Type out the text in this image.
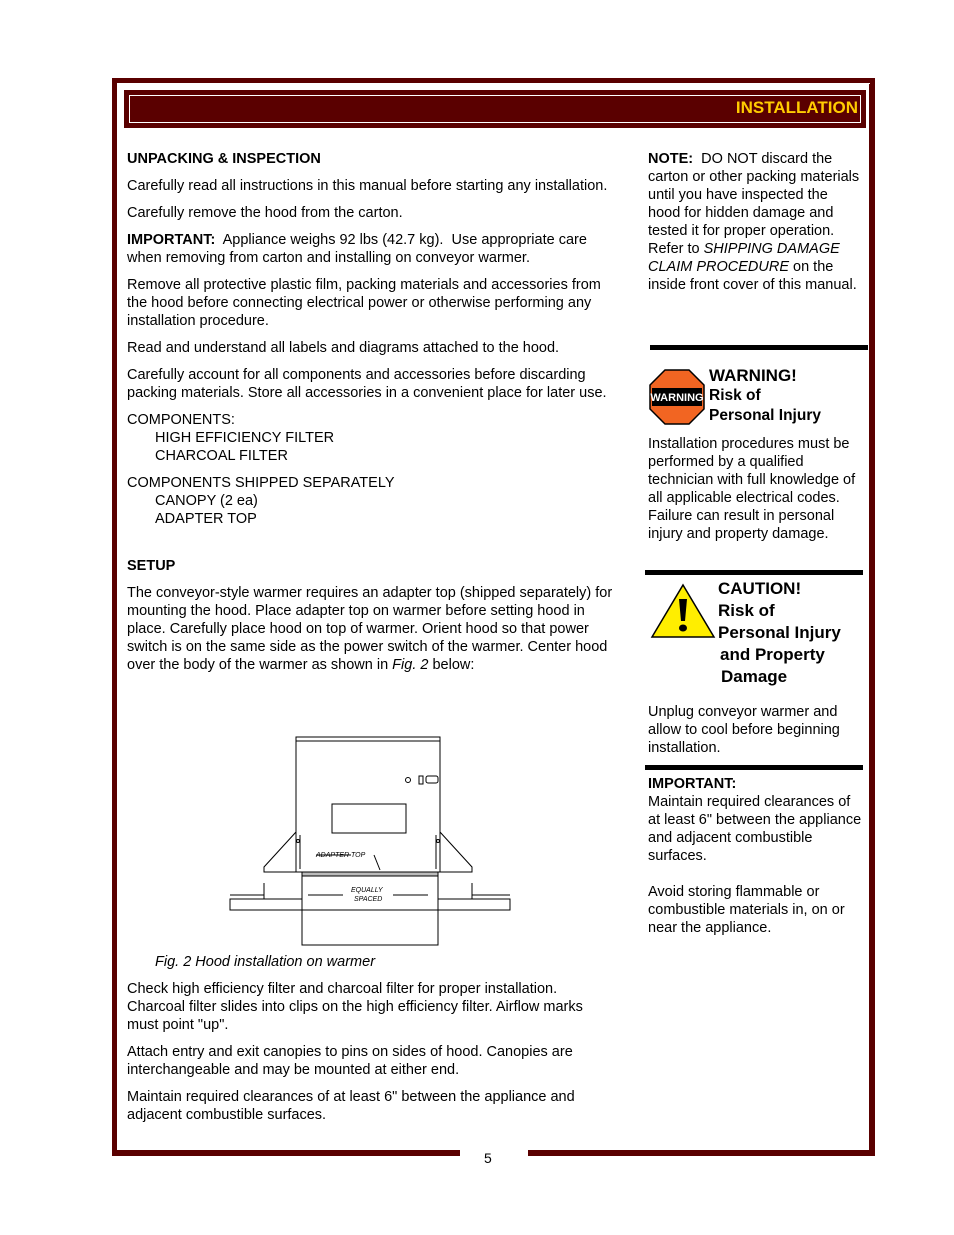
INSTALLATION
UNPACKING & INSPECTION

Carefully read all instructions in this manual before starting any installation.

Carefully remove the hood from the carton.

IMPORTANT:  Appliance weighs 92 lbs (42.7 kg).  Use appropriate care when removing from carton and installing on conveyor warmer.

Remove all protective plastic film, packing materials and accessories from the hood before connecting electrical power or otherwise performing any installation procedure.

Read and understand all labels and diagrams attached to the hood.

Carefully account for all components and accessories before discarding packing materials. Store all accessories in a convenient place for later use.

COMPONENTS:
HIGH EFFICIENCY FILTER
CHARCOAL FILTER

COMPONENTS SHIPPED SEPARATELY
CANOPY (2 ea)
ADAPTER TOP

SETUP

The conveyor-style warmer requires an adapter top (shipped separately) for mounting the hood. Place adapter top on warmer before setting hood in place. Carefully place hood on top of warmer. Orient hood so that power switch is on the same side as the power switch of the warmer. Center hood over the body of the warmer as shown in Fig. 2 below:

ADAPTER TOP
EQUALLY
SPACED
Fig. 2 Hood installation on warmer

Check high efficiency filter and charcoal filter for proper installation. Charcoal filter slides into clips on the high efficiency filter. Airflow marks must point "up".

Attach entry and exit canopies to pins on sides of hood. Canopies are interchangeable and may be mounted at either end.

Maintain required clearances of at least 6" between the appliance and adjacent combustible surfaces.

NOTE:  DO NOT discard the carton or other packing materials until you have inspected the hood for hidden damage and tested it for proper operation.

Refer to SHIPPING DAMAGE CLAIM PROCEDURE on the inside front cover of this manual.

WARNING
WARNING!
Risk of
Personal Injury
Installation procedures must be performed by a qualified technician with full knowledge of all applicable electrical codes. Failure can result in personal injury and property damage.
CAUTION!
Risk of
Personal Injury
and Property
Damage
Unplug conveyor warmer and allow to cool before beginning installation.
IMPORTANT:

Maintain required clearances of at least 6" between the appliance and adjacent combustible surfaces.

Avoid storing flammable or combustible materials in, on or near the appliance.

5
